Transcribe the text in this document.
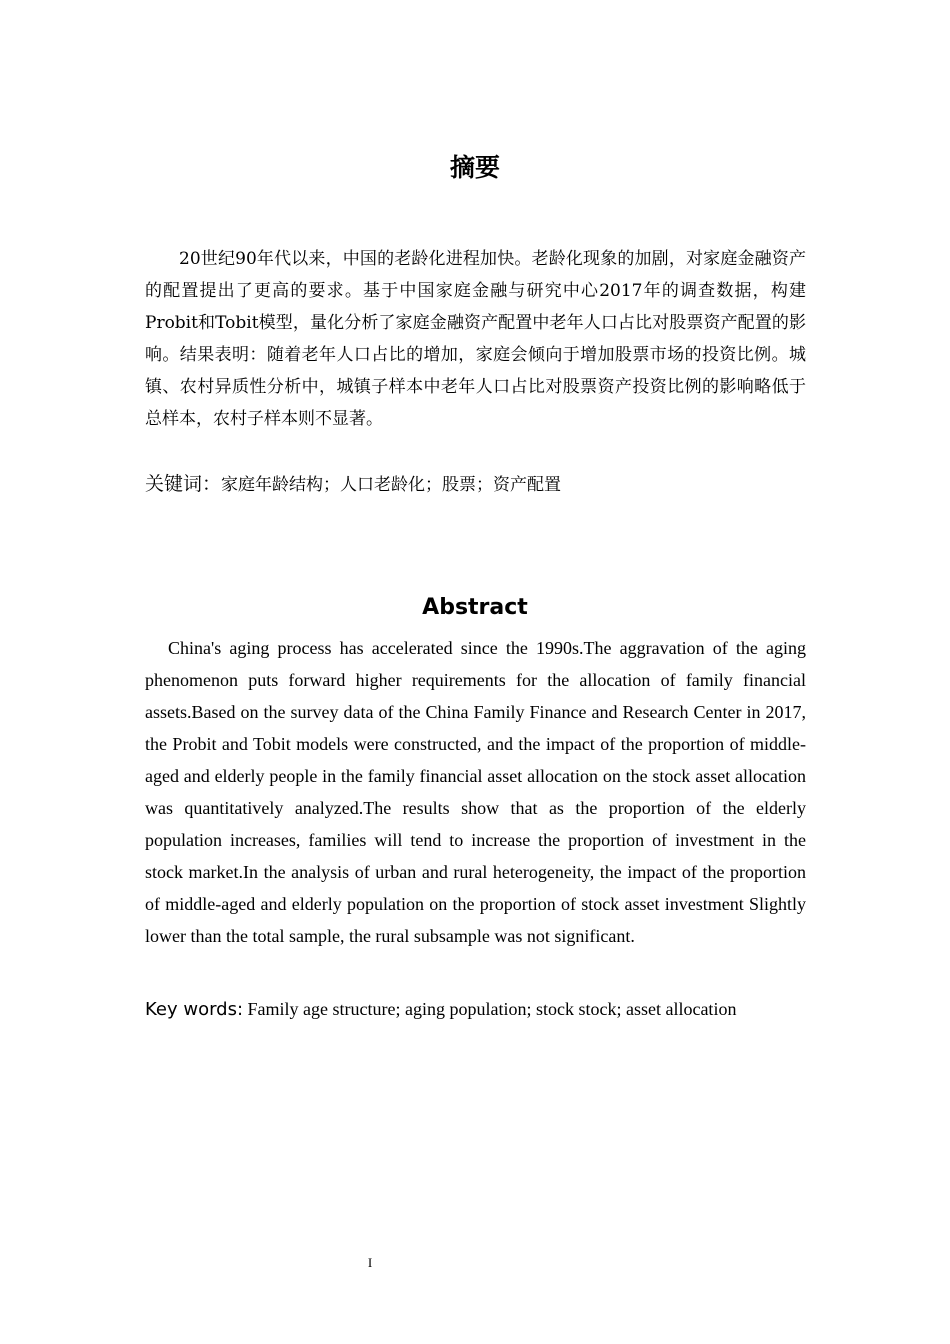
摘要

20世纪90年代以来，中国的老龄化进程加快。老龄化现象的加剧，对家庭金融资产的配置提出了更高的要求。基于中国家庭金融与研究中心2017年的调查数据，构建Probit和Tobit模型，量化分析了家庭金融资产配置中老年人口占比对股票资产配置的影响。结果表明：随着老年人口占比的增加，家庭会倾向于增加股票市场的投资比例。城镇、农村异质性分析中，城镇子样本中老年人口占比对股票资产投资比例的影响略低于总样本，农村子样本则不显著。

关键词：家庭年龄结构；人口老龄化；股票；资产配置

Abstract

China's aging process has accelerated since the 1990s.The aggravation of the aging phenomenon puts forward higher requirements for the allocation of family financial assets.Based on the survey data of the China Family Finance and Research Center in 2017, the Probit and Tobit models were constructed, and the impact of the proportion of middle-aged and elderly people in the family financial asset allocation on the stock asset allocation was quantitatively analyzed.The results show that as the proportion of the elderly population increases, families will tend to increase the proportion of investment in the stock market.In the analysis of urban and rural heterogeneity, the impact of the proportion of middle-aged and elderly population on the proportion of stock asset investment Slightly lower than the total sample, the rural subsample was not significant.

Key words: Family age structure; aging population; stock stock; asset allocation

I
